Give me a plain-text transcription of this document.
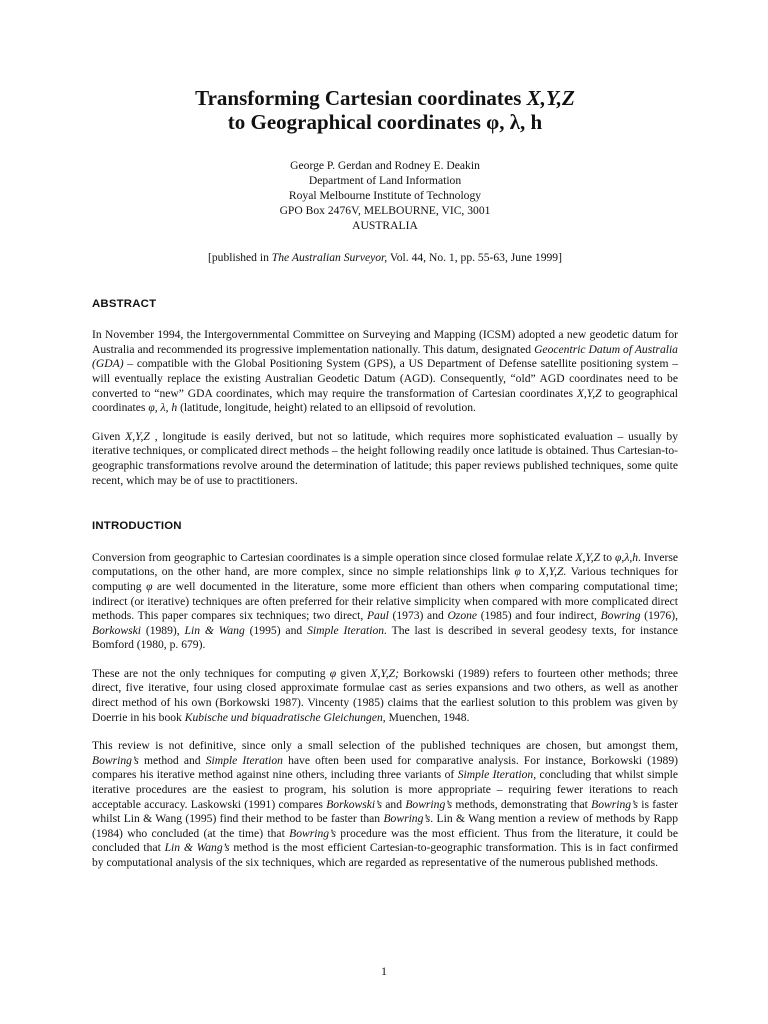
Transforming Cartesian coordinates X,Y,Z
to Geographical coordinates φ, λ, h
George P. Gerdan and Rodney E. Deakin
Department of Land Information
Royal Melbourne Institute of Technology
GPO Box 2476V, MELBOURNE, VIC, 3001
AUSTRALIA
[published in The Australian Surveyor, Vol. 44, No. 1, pp. 55-63, June 1999]
ABSTRACT

In November 1994, the Intergovernmental Committee on Surveying and Mapping (ICSM) adopted a new geodetic datum for Australia and recommended its progressive implementation nationally. This datum, designated Geocentric Datum of Australia (GDA) – compatible with the Global Positioning System (GPS), a US Department of Defense satellite positioning system – will eventually replace the existing Australian Geodetic Datum (AGD). Consequently, “old” AGD coordinates need to be converted to “new” GDA coordinates, which may require the transformation of Cartesian coordinates X,Y,Z to geographical coordinates φ, λ, h (latitude, longitude, height) related to an ellipsoid of revolution.

Given X,Y,Z , longitude is easily derived, but not so latitude, which requires more sophisticated evaluation – usually by iterative techniques, or complicated direct methods – the height following readily once latitude is obtained. Thus Cartesian-to-geographic transformations revolve around the determination of latitude; this paper reviews published techniques, some quite recent, which may be of use to practitioners.

INTRODUCTION

Conversion from geographic to Cartesian coordinates is a simple operation since closed formulae relate X,Y,Z to φ,λ,h. Inverse computations, on the other hand, are more complex, since no simple relationships link φ to X,Y,Z. Various techniques for computing φ are well documented in the literature, some more efficient than others when comparing computational time; indirect (or iterative) techniques are often preferred for their relative simplicity when compared with more complicated direct methods. This paper compares six techniques; two direct, Paul (1973) and Ozone (1985) and four indirect, Bowring (1976), Borkowski (1989), Lin & Wang (1995) and Simple Iteration. The last is described in several geodesy texts, for instance Bomford (1980, p. 679).

These are not the only techniques for computing φ given X,Y,Z; Borkowski (1989) refers to fourteen other methods; three direct, five iterative, four using closed approximate formulae cast as series expansions and two others, as well as another direct method of his own (Borkowski 1987). Vincenty (1985) claims that the earliest solution to this problem was given by Doerrie in his book Kubische und biquadratische Gleichungen, Muenchen, 1948.

This review is not definitive, since only a small selection of the published techniques are chosen, but amongst them, Bowring’s method and Simple Iteration have often been used for comparative analysis. For instance, Borkowski (1989) compares his iterative method against nine others, including three variants of Simple Iteration, concluding that whilst simple iterative procedures are the easiest to program, his solution is more appropriate – requiring fewer iterations to reach acceptable accuracy. Laskowski (1991) compares Borkowski’s and Bowring’s methods, demonstrating that Bowring’s is faster whilst Lin & Wang (1995) find their method to be faster than Bowring’s. Lin & Wang mention a review of methods by Rapp (1984) who concluded (at the time) that Bowring’s procedure was the most efficient. Thus from the literature, it could be concluded that Lin & Wang’s method is the most efficient Cartesian-to-geographic transformation. This is in fact confirmed by computational analysis of the six techniques, which are regarded as representative of the numerous published methods.

1
